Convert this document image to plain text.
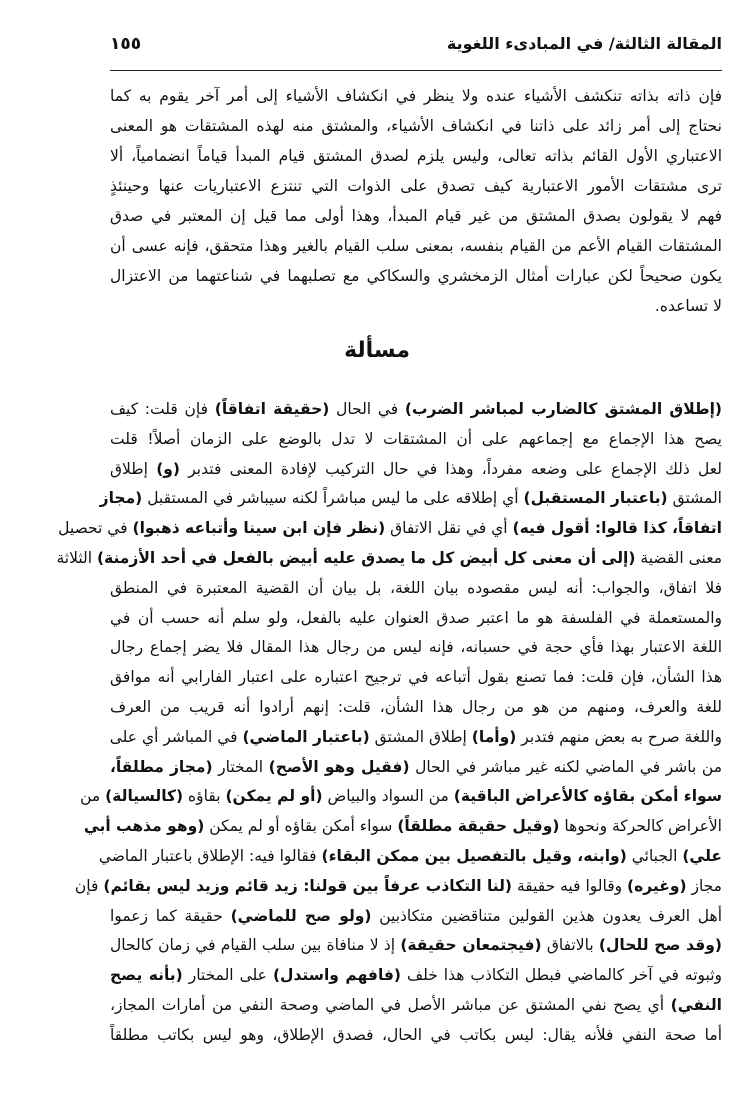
المقالة الثالثة/ في المبادىء اللغوية
١٥٥
فإن ذاته بذاته تنكشف الأشياء عنده ولا ينظر في انكشاف الأشياء إلى أمر آخر يقوم به كما
نحتاج إلى أمر زائد على ذاتنا في انكشاف الأشياء، والمشتق منه لهذه المشتقات هو المعنى
الاعتباري الأول القائم بذاته تعالى، وليس يلزم لصدق المشتق قيام المبدأ قياماً انضمامياً، ألا
ترى مشتقات الأمور الاعتبارية كيف تصدق على الذوات التي تنتزع الاعتباريات عنها وحينئذٍ
فهم لا يقولون بصدق المشتق من غير قيام المبدأ، وهذا أولى مما قيل إن المعتبر في صدق
المشتقات القيام الأعم من القيام بنفسه، بمعنى سلب القيام بالغير وهذا متحقق، فإنه عسى أن
يكون صحيحاً لكن عبارات أمثال الزمخشري والسكاكي مع تصلبهما في شناعتهما من الاعتزال
لا تساعده.
مسألة
(إطلاق المشتق كالضارب لمباشر الضرب) في الحال (حقيقة اتفاقاً) فإن قلت: كيف
يصح هذا الإجماع مع إجماعهم على أن المشتقات لا تدل بالوضع على الزمان أصلاً! قلت
لعل ذلك الإجماع على وضعه مفرداً، وهذا في حال التركيب لإفادة المعنى فتدبر (و) إطلاق
المشتق (باعتبار المستقبل) أي إطلاقه على ما ليس مباشراً لكنه سيباشر في المستقبل (مجاز
اتفاقاً، كذا قالوا: أقول فيه) أي في نقل الاتفاق (نظر فإن ابن سينا وأتباعه ذهبوا) في تحصيل
معنى القضية (إلى أن معنى كل أبيض كل ما يصدق عليه أبيض بالفعل في أحد الأزمنة) الثلاثة
فلا اتفاق، والجواب: أنه ليس مقصوده بيان اللغة، بل بيان أن القضية المعتبرة في المنطق
والمستعملة في الفلسفة هو ما اعتبر صدق العنوان عليه بالفعل، ولو سلم أنه حسب أن في
اللغة الاعتبار بهذا فأي حجة في حسبانه، فإنه ليس من رجال هذا المقال فلا يضر إجماع رجال
هذا الشأن، فإن قلت: فما تصنع بقول أتباعه في ترجيح اعتباره على اعتبار الفارابي أنه موافق
للغة والعرف، ومنهم من هو من رجال هذا الشأن، قلت: إنهم أرادوا أنه قريب من العرف
واللغة صرح به بعض منهم فتدبر (وأما) إطلاق المشتق (باعتبار الماضي) في المباشر أي على
من باشر في الماضي لكنه غير مباشر في الحال (فقيل وهو الأصح) المختار (مجاز مطلقاً،
سواء أمكن بقاؤه كالأعراض الباقية) من السواد والبياض (أو لم يمكن) بقاؤه (كالسيالة) من
الأعراض كالحركة ونحوها (وقيل حقيقة مطلقاً) سواء أمكن بقاؤه أو لم يمكن (وهو مذهب أبي
علي) الجبائي (وابنه، وقيل بالتفصيل بين ممكن البقاء) فقالوا فيه: الإطلاق باعتبار الماضي
مجاز (وغيره) وقالوا فيه حقيقة (لنا التكاذب عرفاً بين قولنا: زيد قائم وزيد ليس بقائم) فإن
أهل العرف يعدون هذين القولين متناقضين متكاذبين (ولو صح للماضي) حقيقة كما زعموا
(وقد صح للحال) بالاتفاق (فيجتمعان حقيقة) إذ لا منافاة بين سلب القيام في زمان كالحال
وثبوته في آخر كالماضي فبطل التكاذب هذا خلف (فافهم واستدل) على المختار (بأنه يصح
النفي) أي يصح نفي المشتق عن مباشر الأصل في الماضي وصحة النفي من أمارات المجاز،
أما صحة النفي فلأنه يقال: ليس بكاتب في الحال، فصدق الإطلاق، وهو ليس بكاتب مطلقاً
